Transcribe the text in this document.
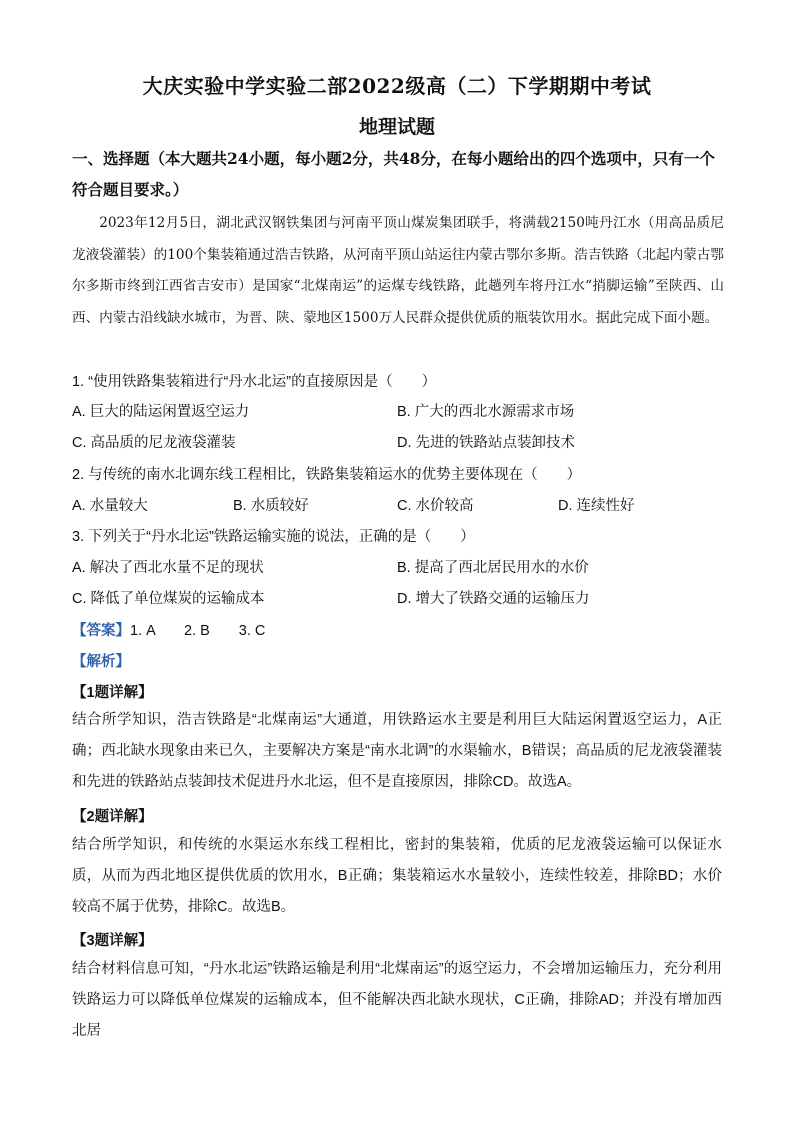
大庆实验中学实验二部2022级高（二）下学期期中考试
地理试题
一、选择题（本大题共24小题，每小题2分，共48分，在每小题给出的四个选项中，只有一个符合题目要求。）

2023年12月5日，湖北武汉钢铁集团与河南平顶山煤炭集团联手，将满载2150吨丹江水（用高品质尼龙液袋灌装）的100个集装箱通过浩吉铁路，从河南平顶山站运往内蒙古鄂尔多斯。浩吉铁路（北起内蒙古鄂尔多斯市终到江西省吉安市）是国家“北煤南运”的运煤专线铁路，此趟列车将丹江水“捎脚运输”至陕西、山西、内蒙古沿线缺水城市，为晋、陕、蒙地区1500万人民群众提供优质的瓶装饮用水。据此完成下面小题。

1. “使用铁路集装箱进行“丹水北运”的直接原因是（　　）
A. 巨大的陆运闲置返空运力	B. 广大的西北水源需求市场
C. 高品质的尼龙液袋灌装	D. 先进的铁路站点装卸技术
2. 与传统的南水北调东线工程相比，铁路集装箱运水的优势主要体现在（　　）
A. 水量较大	B. 水质较好	C. 水价较高	D. 连续性好
3. 下列关于“丹水北运”铁路运输实施的说法，正确的是（　　）
A. 解决了西北水量不足的现状	B. 提高了西北居民用水的水价
C. 降低了单位煤炭的运输成本	D. 增大了铁路交通的运输压力
【答案】1. A　　2. B　　3. C
【解析】
【1题详解】
结合所学知识，浩吉铁路是“北煤南运”大通道，用铁路运水主要是利用巨大陆运闲置返空运力，A正确；西北缺水现象由来已久，主要解决方案是“南水北调”的水渠输水，B错误；高品质的尼龙液袋灌装和先进的铁路站点装卸技术促进丹水北运，但不是直接原因，排除CD。故选A。
【2题详解】
结合所学知识，和传统的水渠运水东线工程相比，密封的集装箱，优质的尼龙液袋运输可以保证水质，从而为西北地区提供优质的饮用水，B正确；集装箱运水水量较小，连续性较差，排除BD；水价较高不属于优势，排除C。故选B。
【3题详解】
结合材料信息可知，“丹水北运”铁路运输是利用“北煤南运”的返空运力，不会增加运输压力，充分利用铁路运力可以降低单位煤炭的运输成本，但不能解决西北缺水现状，C正确，排除AD；并没有增加西北居
